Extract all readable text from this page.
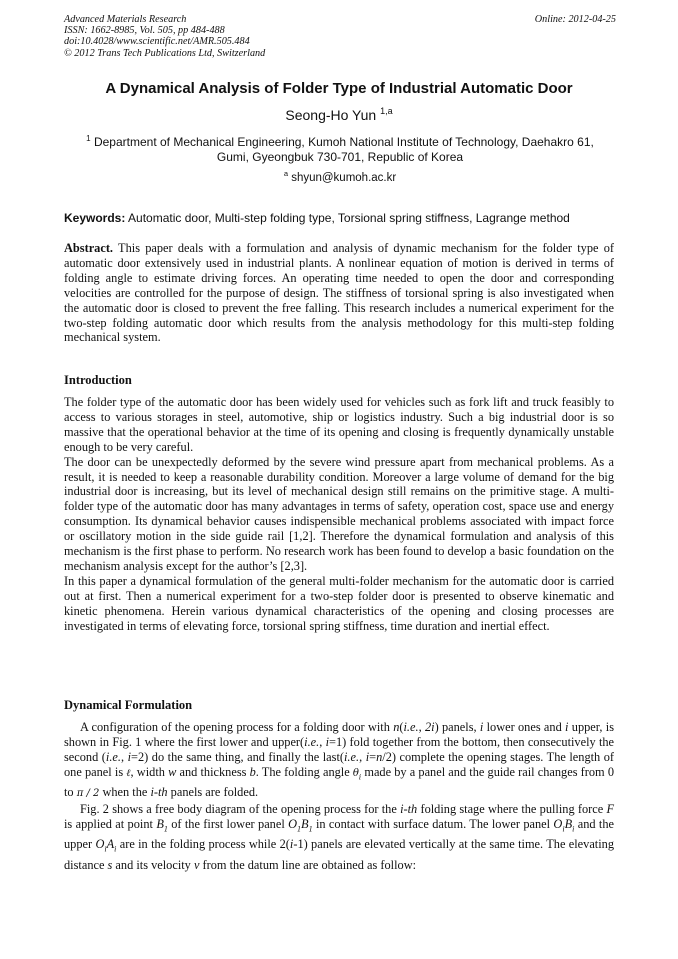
Advanced Materials Research
ISSN: 1662-8985, Vol. 505, pp 484-488
doi:10.4028/www.scientific.net/AMR.505.484
© 2012 Trans Tech Publications Ltd, Switzerland
Online: 2012-04-25
A Dynamical Analysis of Folder Type of Industrial Automatic Door
Seong-Ho Yun $^{1,a}$
$^1$ Department of Mechanical Engineering, Kumoh National Institute of Technology, Daehakro 61,
Gumi, Gyeongbuk 730-701, Republic of Korea
$^a$ shyun@kumoh.ac.kr
Keywords: Automatic door, Multi-step folding type, Torsional spring stiffness, Lagrange method

Abstract. This paper deals with a formulation and analysis of dynamic mechanism for the folder type of automatic door extensively used in industrial plants. A nonlinear equation of motion is derived in terms of folding angle to estimate driving forces. An operating time needed to open the door and corresponding velocities are controlled for the purpose of design. The stiffness of torsional spring is also investigated when the automatic door is closed to prevent the free falling. This research includes a numerical experiment for the two-step folding automatic door which results from the analysis methodology for this multi-step folding mechanical system.

Introduction

The folder type of the automatic door has been widely used for vehicles such as fork lift and truck feasibly to access to various storages in steel, automotive, ship or logistics industry. Such a big industrial door is so massive that the operational behavior at the time of its opening and closing is frequently dynamically unstable enough to be very careful.

The door can be unexpectedly deformed by the severe wind pressure apart from mechanical problems. As a result, it is needed to keep a reasonable durability condition. Moreover a large volume of demand for the big industrial door is increasing, but its level of mechanical design still remains on the primitive stage. A multi-folder type of the automatic door has many advantages in terms of safety, operation cost, space use and energy consumption. Its dynamical behavior causes indispensible mechanical problems associated with impact force or oscillatory motion in the side guide rail [1,2]. Therefore the dynamical formulation and analysis of this mechanism is the first phase to perform. No research work has been found to develop a basic foundation on the mechanism analysis except for the author’s [2,3].

In this paper a dynamical formulation of the general multi-folder mechanism for the automatic door is carried out at first. Then a numerical experiment for a two-step folder door is presented to observe kinematic and kinetic phenomena. Herein various dynamical characteristics of the opening and closing processes are investigated in terms of elevating force, torsional spring stiffness, time duration and inertial effect.

Dynamical Formulation

A configuration of the opening process for a folding door with n(i.e., 2i) panels, i lower ones and i upper, is shown in Fig. 1 where the first lower and upper(i.e., i=1) fold together from the bottom, then consecutively the second (i.e., i=2) do the same thing, and finally the last(i.e., i=n/2) complete the opening stages. The length of one panel is ℓ, width w and thickness b. The folding angle $\theta_i$ made by a panel and the guide rail changes from 0 to π / 2 when the i-th panels are folded.

Fig. 2 shows a free body diagram of the opening process for the i-th folding stage where the pulling force F is applied at point $B_1$ of the first lower panel $O_1B_1$ in contact with surface datum. The lower panel $O_iB_i$ and the upper $O_iA_i$ are in the folding process while 2(i-1) panels are elevated vertically at the same time. The elevating distance s and its velocity v from the datum line are obtained as follow:
